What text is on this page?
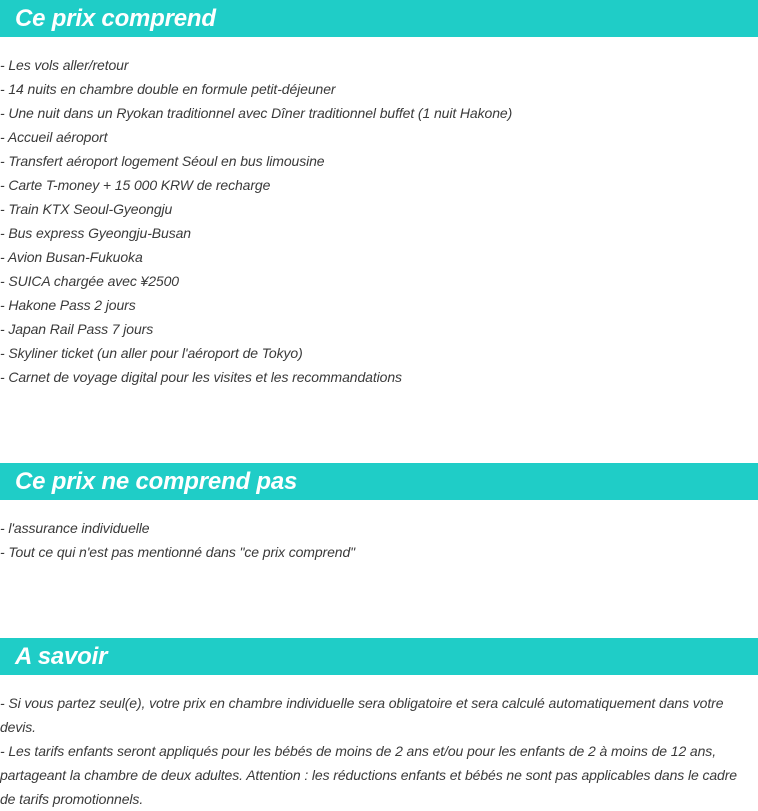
Ce prix comprend
- Les vols aller/retour
- 14 nuits en chambre double en formule petit-déjeuner
- Une nuit dans un Ryokan traditionnel avec Dîner traditionnel buffet (1 nuit Hakone)
- Accueil aéroport
- Transfert aéroport logement Séoul en bus limousine
- Carte T-money + 15 000 KRW de recharge
- Train KTX Seoul-Gyeongju
- Bus express Gyeongju-Busan
- Avion Busan-Fukuoka
- SUICA chargée avec ¥2500
- Hakone Pass 2 jours
- Japan Rail Pass 7 jours
- Skyliner ticket (un aller pour l'aéroport de Tokyo)
- Carnet de voyage digital pour les visites et les recommandations
Ce prix ne comprend pas
- l'assurance individuelle
- Tout ce qui n'est pas mentionné dans "ce prix comprend"
A savoir
- Si vous partez seul(e), votre prix en chambre individuelle sera obligatoire et sera calculé automatiquement dans votre devis.
- Les tarifs enfants seront appliqués pour les bébés de moins de 2 ans et/ou pour les enfants de 2 à moins de 12 ans, partageant la chambre de deux adultes. Attention : les réductions enfants et bébés ne sont pas applicables dans le cadre de tarifs promotionnels.
